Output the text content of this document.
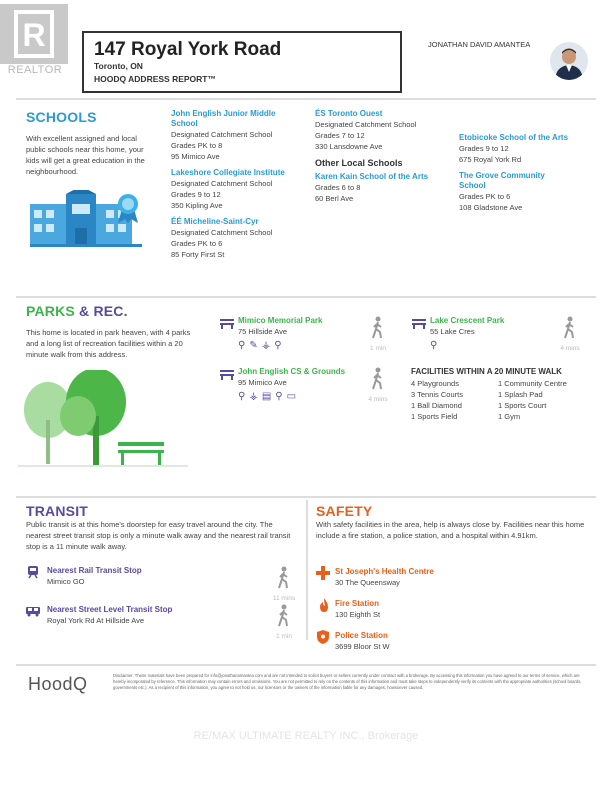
R
REALTOR
147 Royal York Road
Toronto, ON
HOODQ ADDRESS REPORT™
JONATHAN DAVID AMANTEA
SCHOOLS
With excellent assigned and local public schools near this home, your kids will get a great education in the neighbourhood.
John English Junior Middle School
Designated Catchment School
Grades PK to 8
95 Mimico Ave
Lakeshore Collegiate Institute
Designated Catchment School
Grades 9 to 12
350 Kipling Ave
ÉÉ Micheline-Saint-Cyr
Designated Catchment School
Grades PK to 6
85 Forty First St
ÉS Toronto Ouest
Designated Catchment School
Grades 7 to 12
330 Lansdowne Ave
Other Local Schools
Karen Kain School of the Arts
Grades 6 to 8
60 Berl Ave
Etobicoke School of the Arts
Grades 9 to 12
675 Royal York Rd
The Grove Community School
Grades PK to 6
108 Gladstone Ave
PARKS & REC.
This home is located in park heaven, with 4 parks and a long list of recreation facilities within a 20 minute walk from this address.
Mimico Memorial Park
75 Hillside Ave
⚲✎⚶⚲	1 min
Lake Crescent Park
55 Lake Cres
⚲	4 mins
John English CS & Grounds
95 Mimico Ave
⚲⚶▤⚲▭	4 mins
FACILITIES WITHIN A 20 MINUTE WALK
4 Playgrounds
3 Tennis Courts
1 Ball Diamond
1 Sports Field
1 Community Centre
1 Splash Pad
1 Sports Court
1 Gym
TRANSIT
Public transit is at this home's doorstep for easy travel around the city. The nearest street transit stop is only a minute walk away and the nearest rail transit stop is a 11 minute walk away.
Nearest Rail Transit Stop
Mimico GO
11 mins
Nearest Street Level Transit Stop
Royal York Rd At Hillside Ave
1 min
SAFETY
With safety facilities in the area, help is always close by. Facilities near this home include a fire station, a police station, and a hospital within 4.91km.
St Joseph's Health Centre
30 The Queensway
Fire Station
130 Eighth St
Police Station
3699 Bloor St W
HoodQ	Disclaimer: These materials have been prepared for info@jonathanamantea.com and are not intended to solicit buyers or sellers currently under contract with a brokerage. By accessing this information you have agreed to our terms of service, which are hereby incorporated by reference. This information may contain errors and omissions. You are not permitted to rely on the contents of this information and must take steps to independently verify its contents with the appropriate authorities (school boards, governments etc.). As a recipient of this information, you agree to not hold us, our licensors or the owners of the information liable for any damages, howsoever caused.
RE/MAX ULTIMATE REALTY INC., Brokerage
